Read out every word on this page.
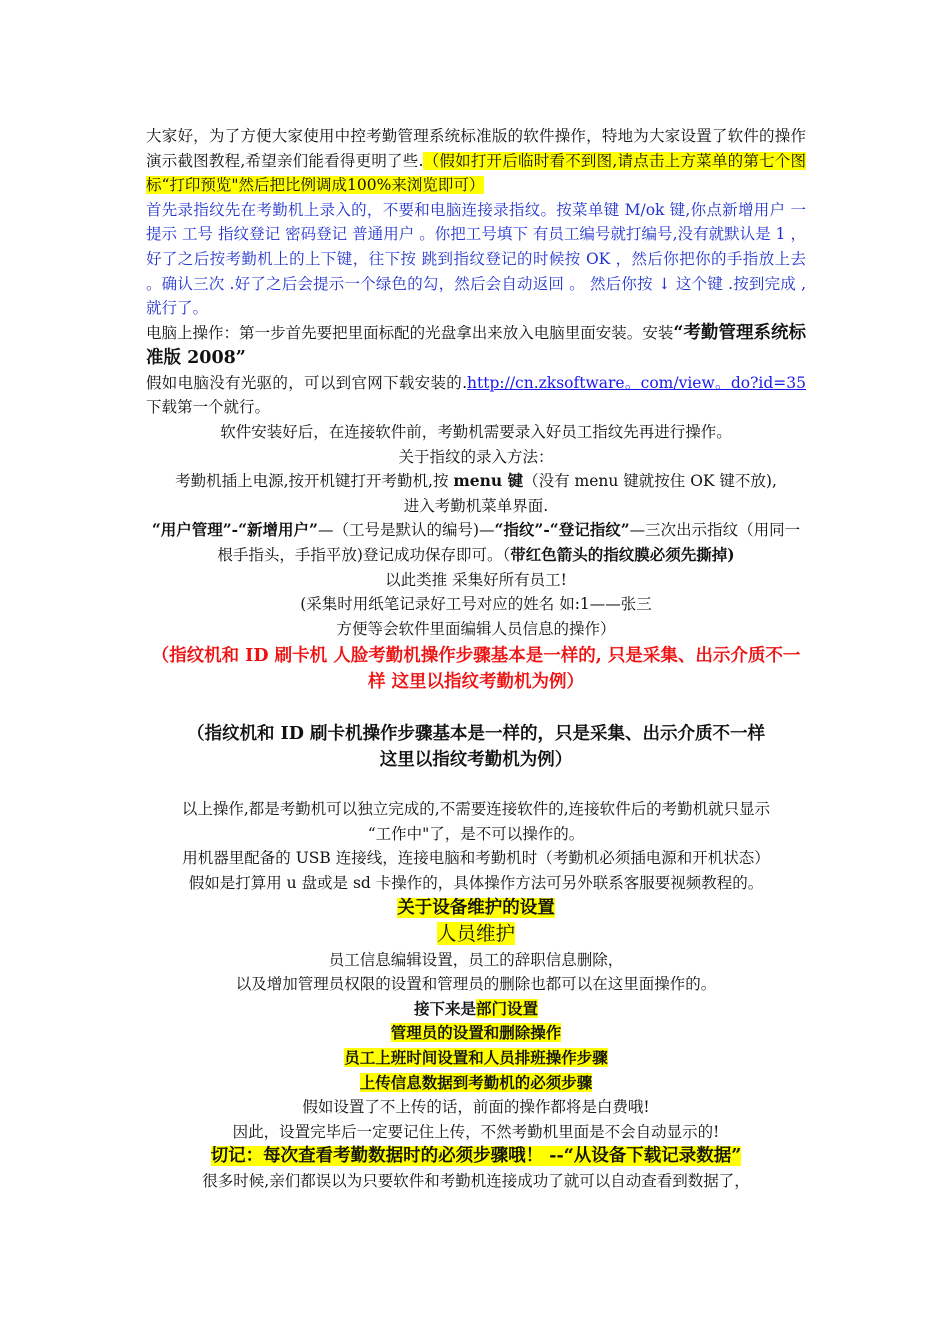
大家好，为了方便大家使用中控考勤管理系统标准版的软件操作，特地为大家设置了软件的操作演示截图教程,希望亲们能看得更明了些.（假如打开后临时看不到图,请点击上方菜单的第七个图标“打印预览"然后把比例调成100%来浏览即可）

首先录指纹先在考勤机上录入的，不要和电脑连接录指纹。按菜单键 M/ok 键,你点新增用户 一 提示 工号 指纹登记 密码登记 普通用户 。你把工号填下 有员工编号就打编号,没有就默认是 1 ，好了之后按考勤机上的上下键，往下按 跳到指纹登记的时候按 OK ，然后你把你的手指放上去 。确认三次 .好了之后会提示一个绿色的勾，然后会自动返回 。 然后你按 ↓ 这个键 .按到完成 ,就行了。

电脑上操作：第一步首先要把里面标配的光盘拿出来放入电脑里面安装。安装“考勤管理系统标准版 2008”

假如电脑没有光驱的，可以到官网下载安装的.http://cn.zksoftware。com/view。do?id=35 下载第一个就行。

软件安装好后，在连接软件前，考勤机需要录入好员工指纹先再进行操作。

关于指纹的录入方法：

考勤机插上电源,按开机键打开考勤机,按 menu 键（没有 menu 键就按住 OK 键不放),

进入考勤机菜单界面.

“用户管理”-“新增用户”—（工号是默认的编号)—“指纹”-“登记指纹”—三次出示指纹（用同一根手指头，手指平放)登记成功保存即可。（带红色箭头的指纹膜必须先撕掉)

以此类推 采集好所有员工!

(采集时用纸笔记录好工号对应的姓名 如:1——张三

方便等会软件里面编辑人员信息的操作）

（指纹机和 ID 刷卡机 人脸考勤机操作步骤基本是一样的, 只是采集、出示介质不一样 这里以指纹考勤机为例）

（指纹机和 ID 刷卡机操作步骤基本是一样的，只是采集、出示介质不一样

这里以指纹考勤机为例）

以上操作,都是考勤机可以独立完成的,不需要连接软件的,连接软件后的考勤机就只显示

“工作中"了，是不可以操作的。

用机器里配备的 USB 连接线，连接电脑和考勤机时（考勤机必须插电源和开机状态）

假如是打算用 u 盘或是 sd 卡操作的，具体操作方法可另外联系客服要视频教程的。

关于设备维护的设置

人员维护

员工信息编辑设置，员工的辞职信息删除，

以及增加管理员权限的设置和管理员的删除也都可以在这里面操作的。

接下来是部门设置

管理员的设置和删除操作

员工上班时间设置和人员排班操作步骤

上传信息数据到考勤机的必须步骤

假如设置了不上传的话，前面的操作都将是白费哦!

因此，设置完毕后一定要记住上传，不然考勤机里面是不会自动显示的!

切记：每次查看考勤数据时的必须步骤哦！ --“从设备下载记录数据”

很多时候,亲们都误以为只要软件和考勤机连接成功了就可以自动查看到数据了，
